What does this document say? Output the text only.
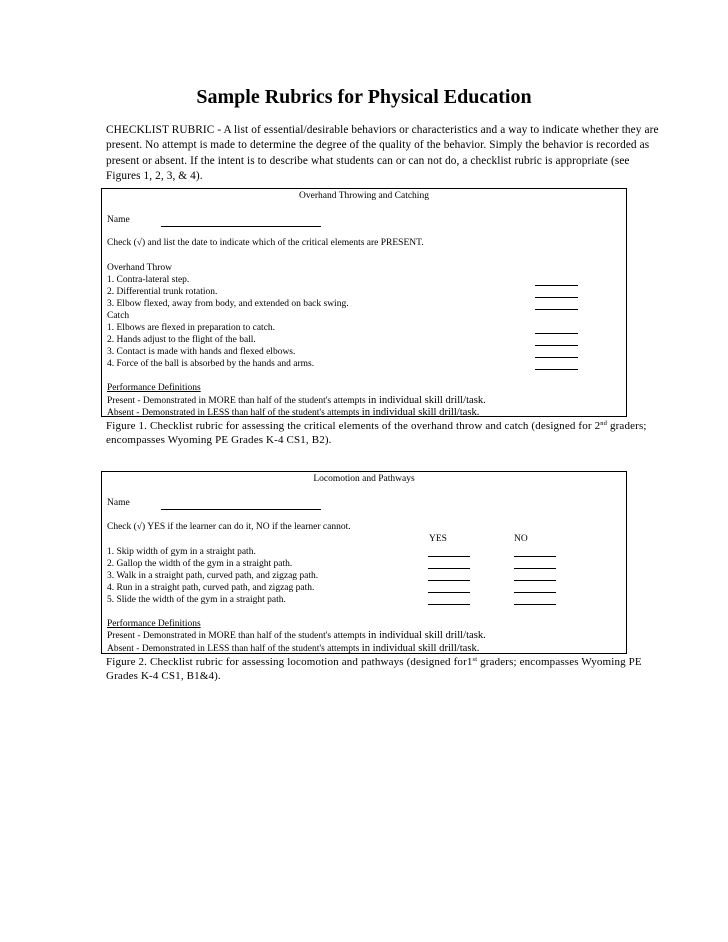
Sample Rubrics for Physical Education
CHECKLIST RUBRIC - A list of essential/desirable behaviors or characteristics and a way to indicate whether they are present. No attempt is made to determine the degree of the quality of the behavior. Simply the behavior is recorded as present or absent. If the intent is to describe what students can or can not do, a checklist rubric is appropriate (see Figures 1, 2, 3, & 4).
Overhand Throwing and Catching
Name
Check (√) and list the date to indicate which of the critical elements are PRESENT.
Overhand Throw
1. Contra-lateral step.
2. Differential trunk rotation.
3. Elbow flexed, away from body, and extended on back swing.
Catch
1. Elbows are flexed in preparation to catch.
2. Hands adjust to the flight of the ball.
3. Contact is made with hands and flexed elbows.
4. Force of the ball is absorbed by the hands and arms.
Performance Definitions
Present - Demonstrated in MORE than half of the student's attempts in individual skill drill/task.
Absent - Demonstrated in LESS than half of the student's attempts in individual skill drill/task.
Figure 1. Checklist rubric for assessing the critical elements of the overhand throw and catch (designed for 2nd graders; encompasses Wyoming PE Grades K-4 CS1, B2).
Locomotion and Pathways
Name
Check (√) YES if the learner can do it, NO if the learner cannot.
YES	NO
1. Skip width of gym in a straight path.
2. Gallop the width of the gym in a straight path.
3. Walk in a straight path, curved path, and zigzag path.
4. Run in a straight path, curved path, and zigzag path.
5. Slide the width of the gym in a straight path.
Performance Definitions
Present - Demonstrated in MORE than half of the student's attempts in individual skill drill/task.
Absent - Demonstrated in LESS than half of the student's attempts in individual skill drill/task.
Figure 2. Checklist rubric for assessing locomotion and pathways (designed for1st graders; encompasses Wyoming PE Grades K-4 CS1, B1&4).
